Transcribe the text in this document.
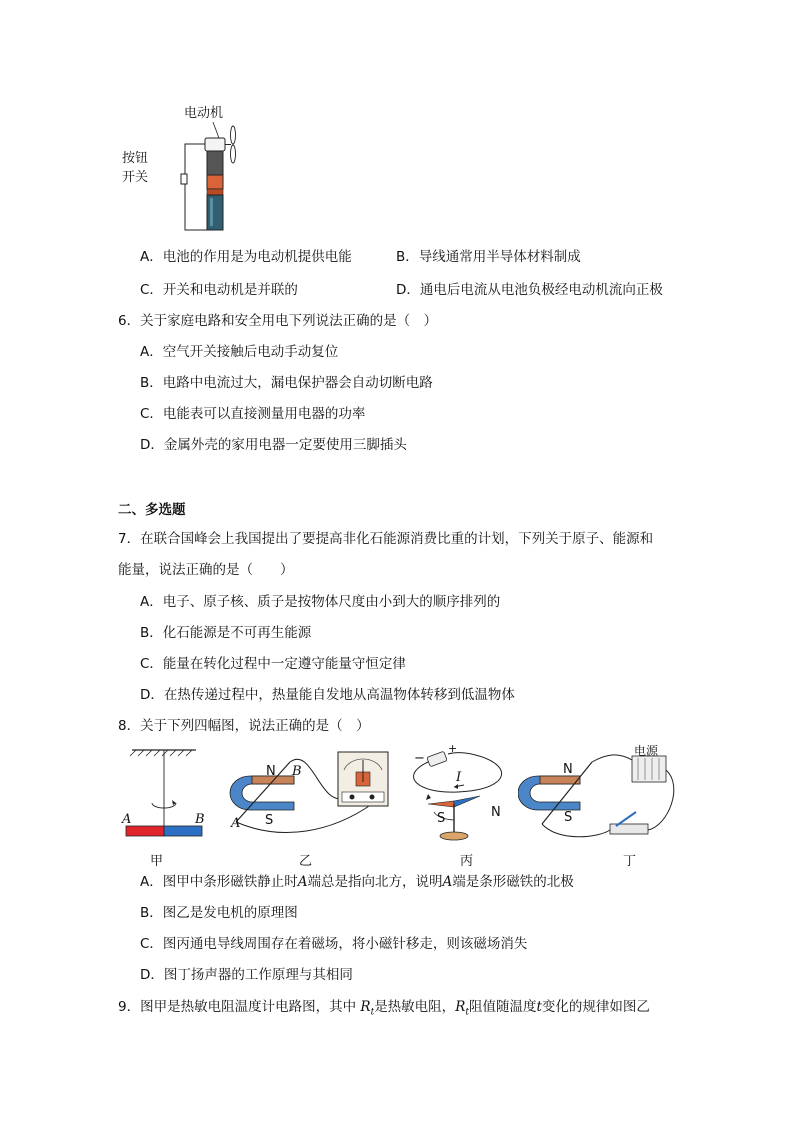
电动机
按钮
开关
A．电池的作用是为电动机提供电能	B．导线通常用半导体材料制成
C．开关和电动机是并联的	D．通电后电流从电池负极经电动机流向正极
6．关于家庭电路和安全用电下列说法正确的是（　）
A．空气开关接触后电动手动复位
B．电路中电流过大，漏电保护器会自动切断电路
C．电能表可以直接测量用电器的功率
D．金属外壳的家用电器一定要使用三脚插头
二、多选题
7．在联合国峰会上我国提出了要提高非化石能源消费比重的计划，下列关于原子、能源和
能量，说法正确的是（　　）
A．电子、原子核、质子是按物体尺度由小到大的顺序排列的
B．化石能源是不可再生能源
C．能量在转化过程中一定遵守能量守恒定律
D．在热传递过程中，热量能自发地从高温物体转移到低温物体
8．关于下列四幅图，说法正确的是（　）
A	B
甲
N B
S
A
乙
−
+
I
S	N
丙
电源
N
S
丁
A．图甲中条形磁铁静止时A端总是指向北方，说明A端是条形磁铁的北极
B．图乙是发电机的原理图
C．图丙通电导线周围存在着磁场，将小磁针移走，则该磁场消失
D．图丁扬声器的工作原理与其相同
9．图甲是热敏电阻温度计电路图，其中 $R_t$是热敏电阻，$R_t$阻值随温度t变化的规律如图乙
